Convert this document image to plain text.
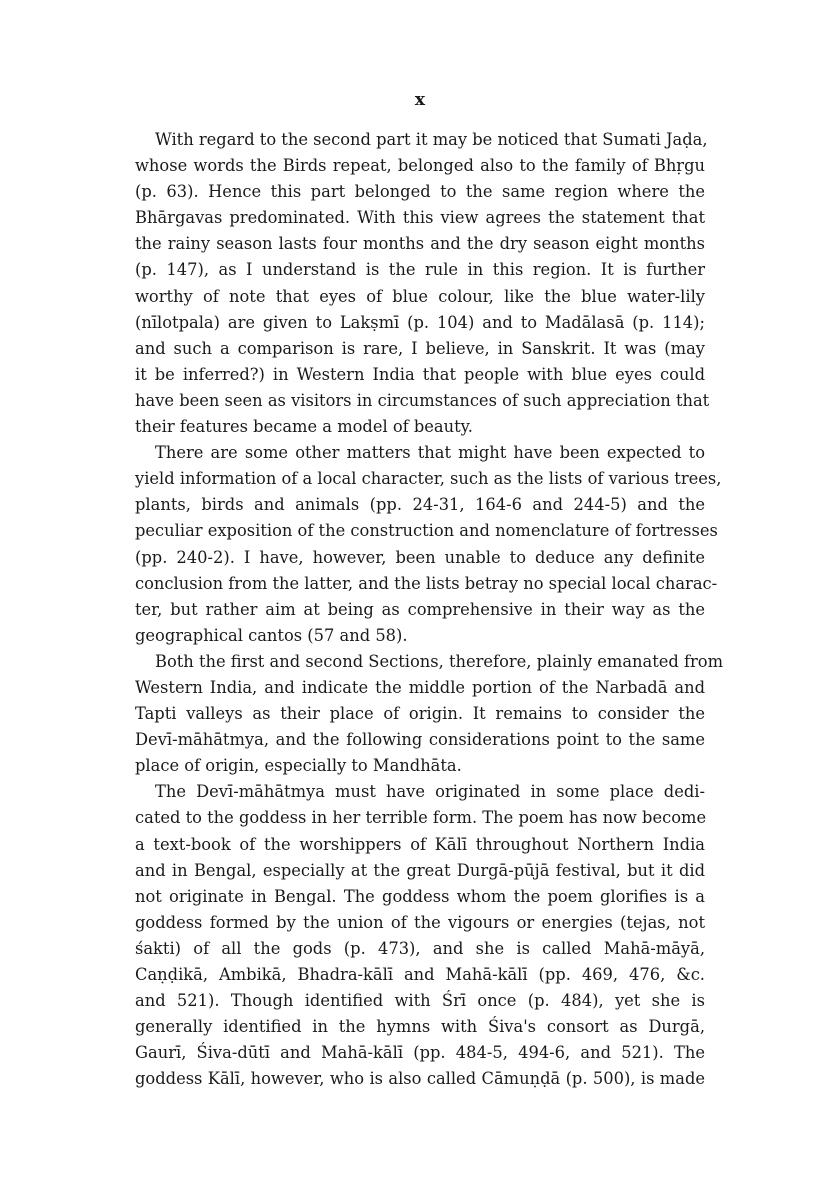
x

With regard to the second part it may be noticed that Sumati Jaḍa,
whose words the Birds repeat, belonged also to the family of Bhṛgu
(p. 63). Hence this part belonged to the same region where the
Bhārgavas predominated. With this view agrees the statement that
the rainy season lasts four months and the dry season eight months
(p. 147), as I understand is the rule in this region. It is further
worthy of note that eyes of blue colour, like the blue water-lily
(nīlotpala) are given to Lakṣmī (p. 104) and to Madālasā (p. 114);
and such a comparison is rare, I believe, in Sanskrit. It was (may
it be inferred?) in Western India that people with blue eyes could
have been seen as visitors in circumstances of such appreciation that
their features became a model of beauty.

There are some other matters that might have been expected to
yield information of a local character, such as the lists of various trees,
plants, birds and animals (pp. 24-31, 164-6 and 244-5) and the
peculiar exposition of the construction and nomenclature of fortresses
(pp. 240-2). I have, however, been unable to deduce any definite
conclusion from the latter, and the lists betray no special local charac-
ter, but rather aim at being as comprehensive in their way as the
geographical cantos (57 and 58).

Both the first and second Sections, therefore, plainly emanated from
Western India, and indicate the middle portion of the Narbadā and
Tapti valleys as their place of origin. It remains to consider the
Devī-māhātmya, and the following considerations point to the same
place of origin, especially to Mandhāta.

The Devī-māhātmya must have originated in some place dedi-
cated to the goddess in her terrible form. The poem has now become
a text-book of the worshippers of Kālī throughout Northern India
and in Bengal, especially at the great Durgā-pūjā festival, but it did
not originate in Bengal. The goddess whom the poem glorifies is a
goddess formed by the union of the vigours or energies (tejas, not
śakti) of all the gods (p. 473), and she is called Mahā-māyā,
Caṇḍikā, Ambikā, Bhadra-kālī and Mahā-kālī (pp. 469, 476, &c.
and 521). Though identified with Śrī once (p. 484), yet she is
generally identified in the hymns with Śiva's consort as Durgā,
Gaurī, Śiva-dūtī and Mahā-kālī (pp. 484-5, 494-6, and 521). The
goddess Kālī, however, who is also called Cāmuṇḍā (p. 500), is made
